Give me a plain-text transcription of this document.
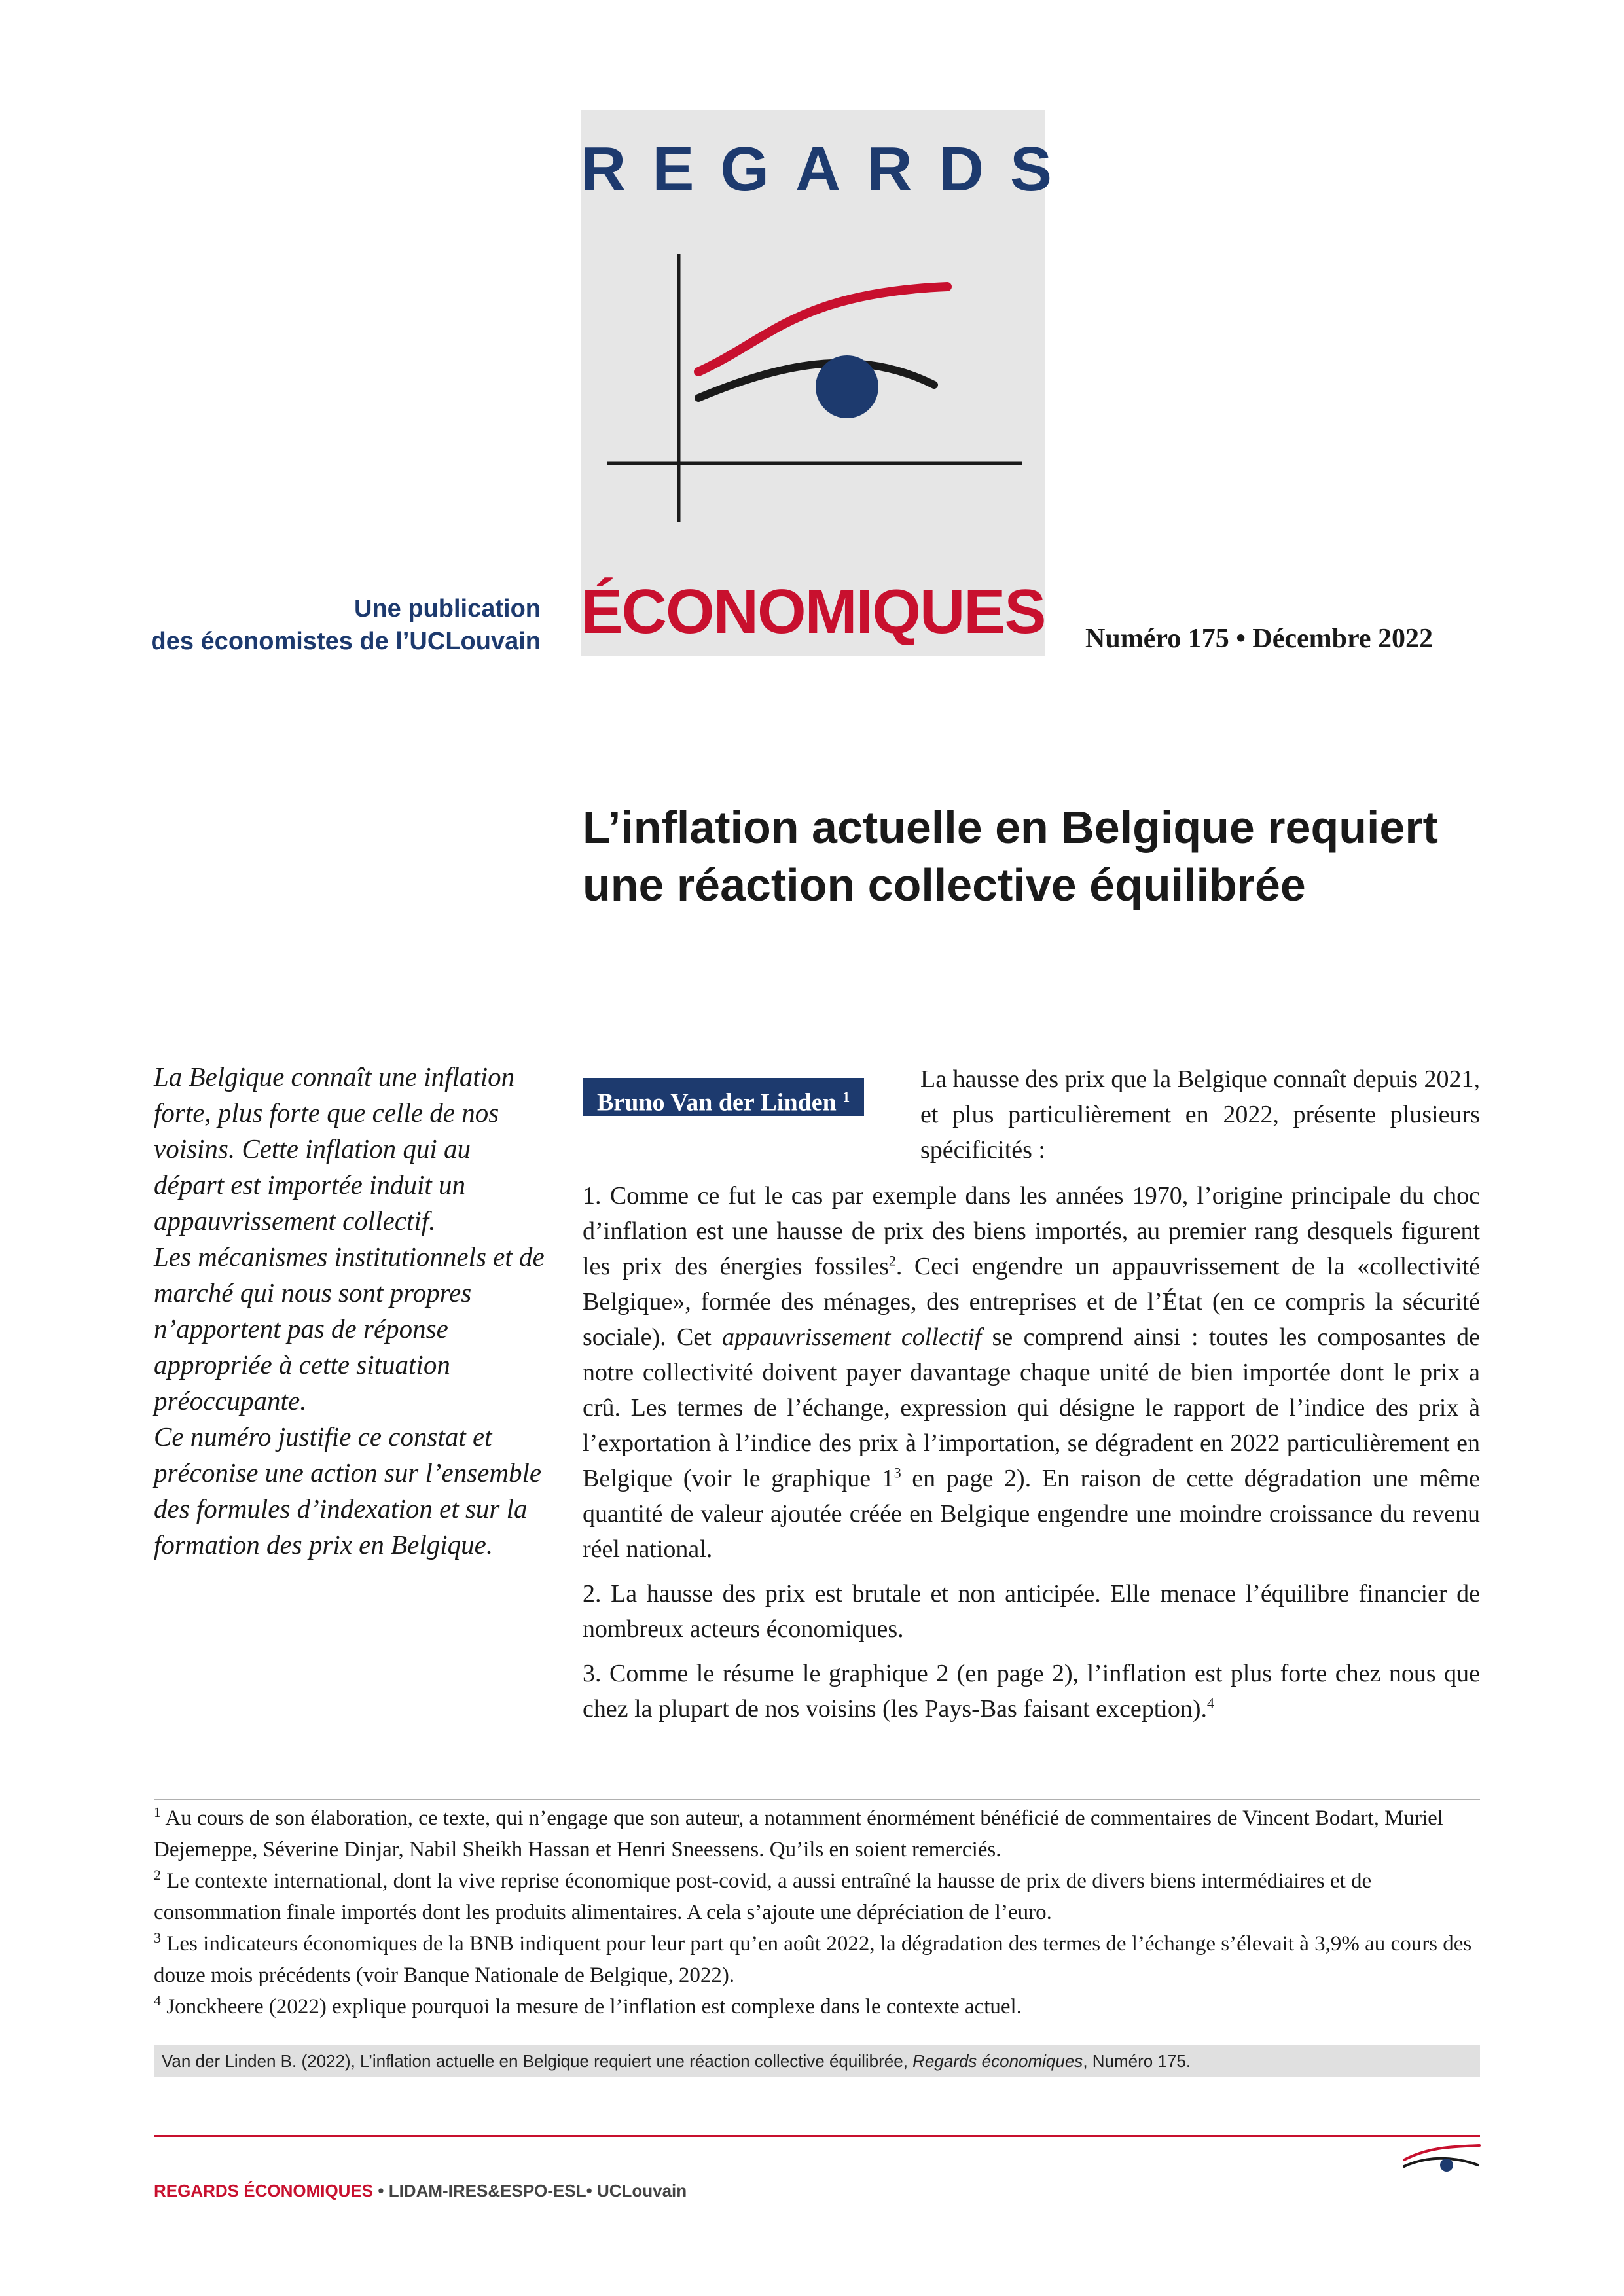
REGARDS
ÉCONOMIQUES
Une publication
des économistes de l’UCLouvain	Numéro 175 • Décembre 2022
L’inflation actuelle en Belgique requiert une réaction collective équilibrée

La Belgique connaît une inflation forte, plus forte que celle de nos voisins. Cette inflation qui au départ est importée induit un appauvrissement collectif.

Les mécanismes institutionnels et de marché qui nous sont propres n’apportent pas de réponse appropriée à cette situation préoccupante.

Ce numéro justifie ce constat et préconise une action sur l’ensemble des formules d’indexation et sur la formation des prix en Belgique.

Bruno Van der Linden $^1$
La hausse des prix que la Belgique connaît depuis 2021, et plus particulièrement en 2022, présente plusieurs spécificités :

1. Comme ce fut le cas par exemple dans les années 1970, l’origine principale du choc d’inflation est une hausse de prix des biens importés, au premier rang desquels figurent les prix des énergies fossiles$^2$. Ceci engendre un appauvrissement de la «collectivité Belgique», formée des ménages, des entreprises et de l’État (en ce compris la sécurité sociale). Cet appauvrissement collectif se comprend ainsi : toutes les composantes de notre collectivité doivent payer davantage chaque unité de bien importée dont le prix a crû. Les termes de l’échange, expression qui désigne le rapport de l’indice des prix à l’exportation à l’indice des prix à l’importation, se dégradent en 2022 particulièrement en Belgique (voir le graphique $1^3$ en page 2). En raison de cette dégradation une même quantité de valeur ajoutée créée en Belgique engendre une moindre croissance du revenu réel national.

2. La hausse des prix est brutale et non anticipée. Elle menace l’équilibre financier de nombreux acteurs économiques.

3. Comme le résume le graphique 2 (en page 2), l’inflation est plus forte chez nous que chez la plupart de nos voisins (les Pays-Bas faisant exception).$^4$

$^1$ Au cours de son élaboration, ce texte, qui n’engage que son auteur, a notamment énormément bénéficié de commentaires de Vincent Bodart, Muriel Dejemeppe, Séverine Dinjar, Nabil Sheikh Hassan et Henri Sneessens. Qu’ils en soient remerciés.

$^2$ Le contexte international, dont la vive reprise économique post-covid, a aussi entraîné la hausse de prix de divers biens intermédiaires et de consommation finale importés dont les produits alimentaires. A cela s’ajoute une dépréciation de l’euro.

$^3$ Les indicateurs économiques de la BNB indiquent pour leur part qu’en août 2022, la dégradation des termes de l’échange s’élevait à 3,9% au cours des douze mois précédents (voir Banque Nationale de Belgique, 2022).

$^4$ Jonckheere (2022) explique pourquoi la mesure de l’inflation est complexe dans le contexte actuel.

Van der Linden B. (2022), L’inflation actuelle en Belgique requiert une réaction collective équilibrée, Regards économiques, Numéro 175.
REGARDS ÉCONOMIQUES • LIDAM-IRES&ESPO-ESL• UCLouvain
